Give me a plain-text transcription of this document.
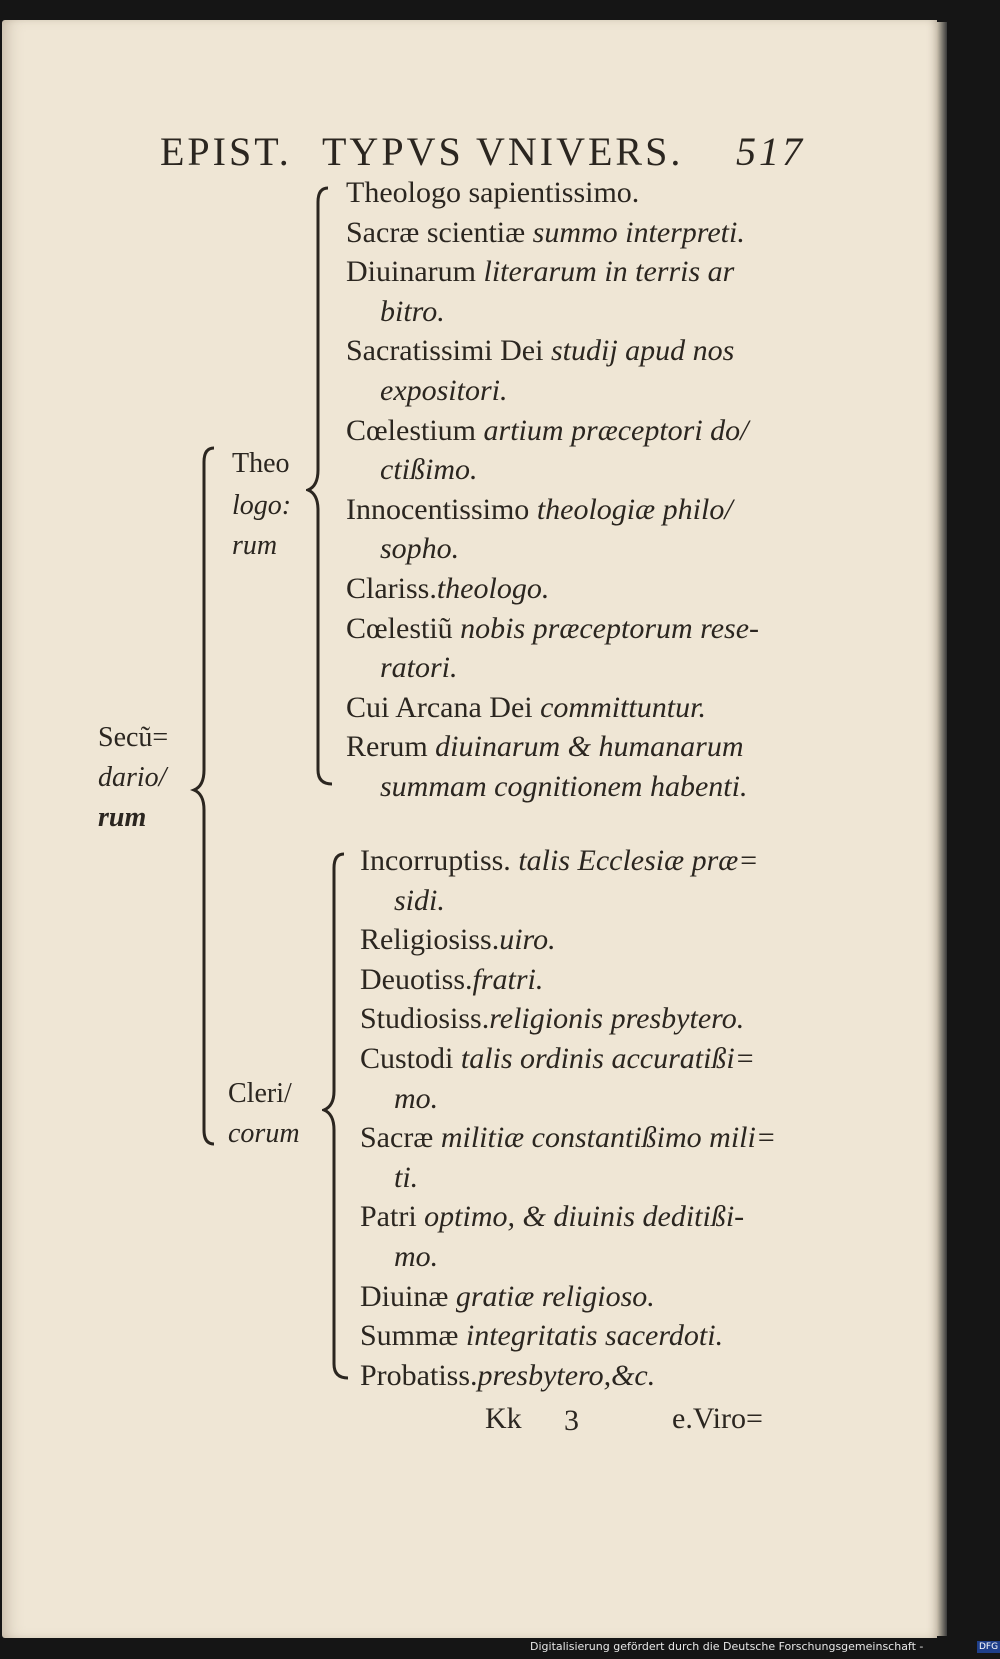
EPIST. TYPVS VNIVERS. 517
Secũ=
dario/
rum
Theo
logo:
rum
Cleri/
corum
Theologo sapientissimo.
Sacræ scientiæ summo interpreti.
Diuinarum literarum in terris ar
bitro.
Sacratissimi Dei studij apud nos
expositori.
Cœlestium artium præceptori do/
ctißimo.
Innocentissimo theologiæ philo/
sopho.
Clariss.theologo.
Cœlestiũ nobis præceptorum rese-
ratori.
Cui Arcana Dei committuntur.
Rerum diuinarum & humanarum
summam cognitionem habenti.
Incorruptiss. talis Ecclesiæ præ=
sidi.
Religiosiss.uiro.
Deuotiss.fratri.
Studiosiss.religionis presbytero.
Custodi talis ordinis accuratißi=
mo.
Sacræ militiæ constantißimo mili=
ti.
Patri optimo, & diuinis deditißi-
mo.
Diuinæ gratiæ religioso.
Summæ integritatis sacerdoti.
Probatiss.presbytero,&c.
Kk 3	e.Viro=
Digitalisierung gefördert durch die Deutsche Forschungsgemeinschaft -	DFG
